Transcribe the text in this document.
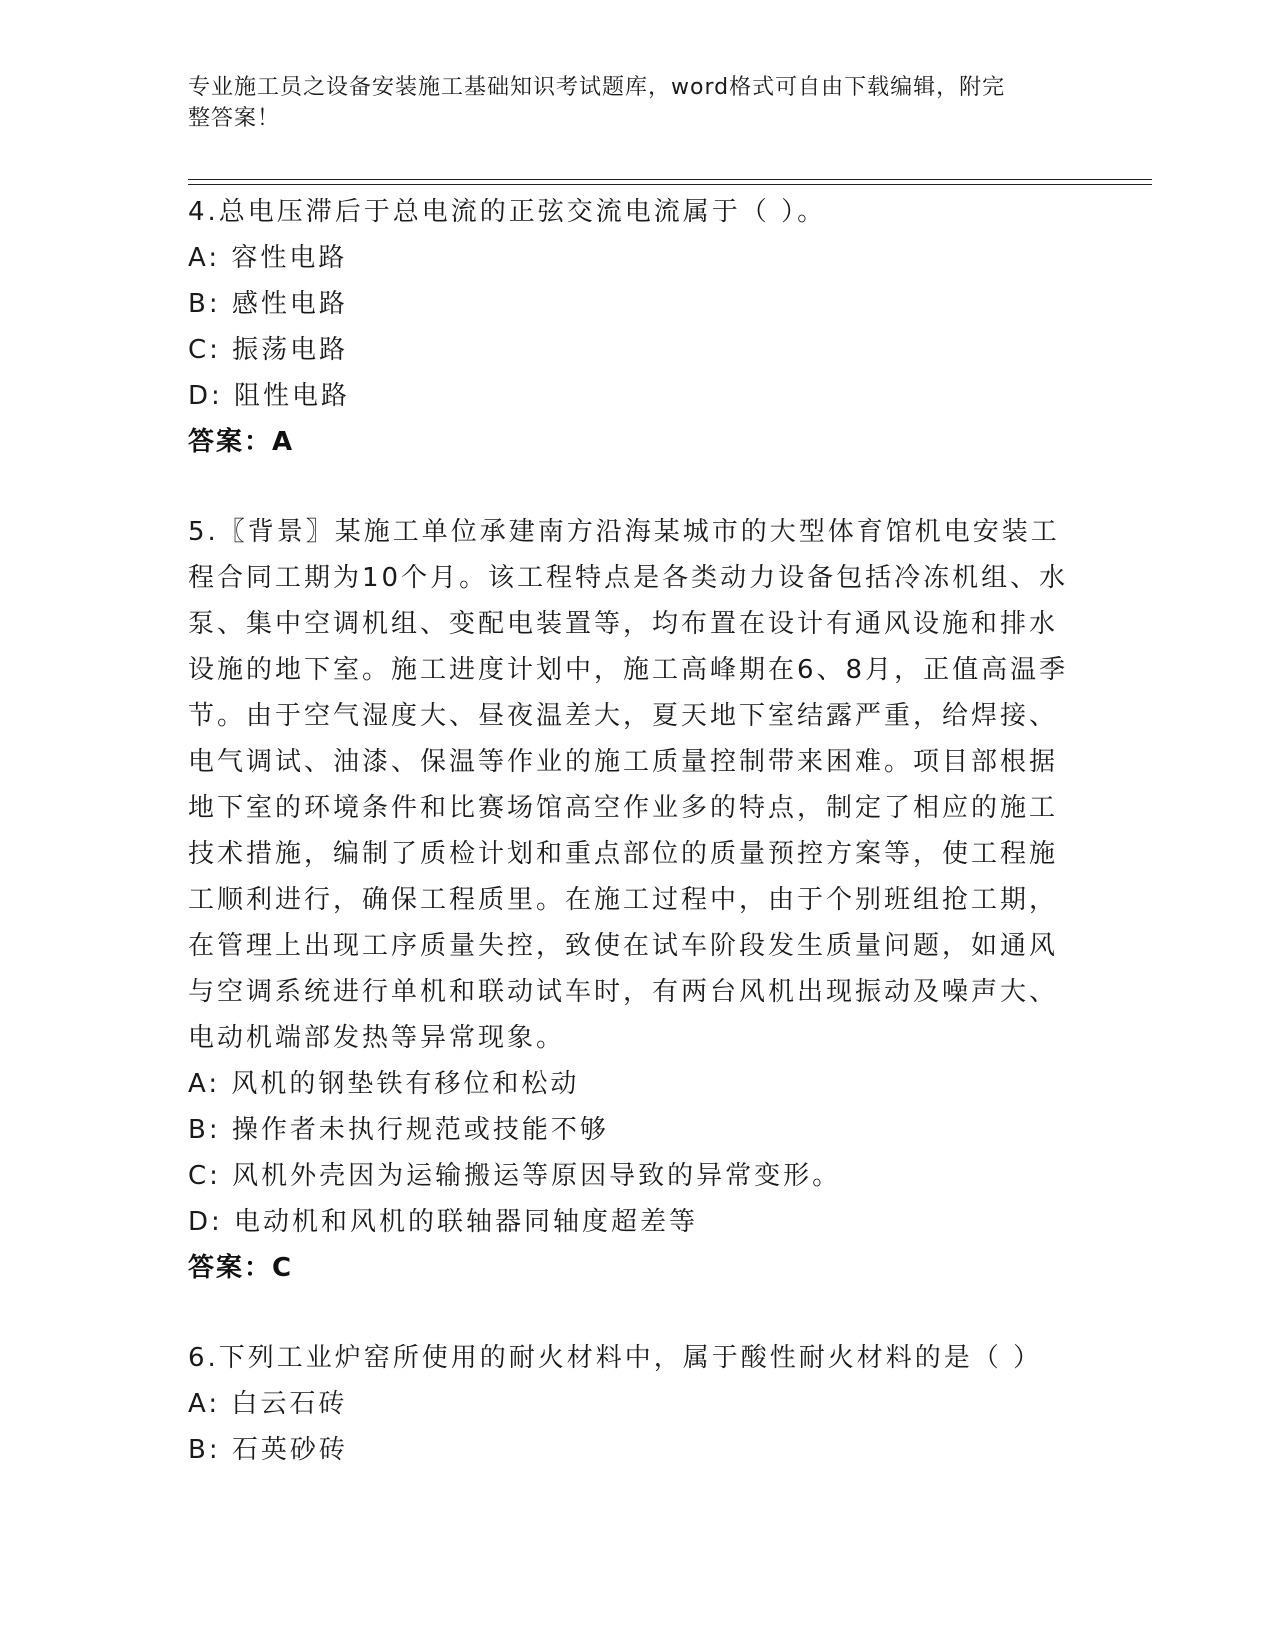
专业施工员之设备安装施工基础知识考试题库，word格式可自由下载编辑，附完
整答案！
4.总电压滞后于总电流的正弦交流电流属于（ ）。
A: 容性电路
B: 感性电路
C: 振荡电路
D: 阻性电路
答案：A
5.〖背景〗某施工单位承建南方沿海某城市的大型体育馆机电安装工
程合同工期为10个月。该工程特点是各类动力设备包括冷冻机组、水
泵、集中空调机组、变配电装置等，均布置在设计有通风设施和排水
设施的地下室。施工进度计划中，施工高峰期在6、8月，正值高温季
节。由于空气湿度大、昼夜温差大，夏天地下室结露严重，给焊接、
电气调试、油漆、保温等作业的施工质量控制带来困难。项目部根据
地下室的环境条件和比赛场馆高空作业多的特点，制定了相应的施工
技术措施，编制了质检计划和重点部位的质量预控方案等，使工程施
工顺利进行，确保工程质里。在施工过程中，由于个别班组抢工期，
在管理上出现工序质量失控，致使在试车阶段发生质量问题，如通风
与空调系统进行单机和联动试车时，有两台风机出现振动及噪声大、
电动机端部发热等异常现象。
A: 风机的钢垫铁有移位和松动
B: 操作者未执行规范或技能不够
C: 风机外壳因为运输搬运等原因导致的异常变形。
D: 电动机和风机的联轴器同轴度超差等
答案：C
6.下列工业炉窑所使用的耐火材料中，属于酸性耐火材料的是（ ）
A: 白云石砖
B: 石英砂砖
